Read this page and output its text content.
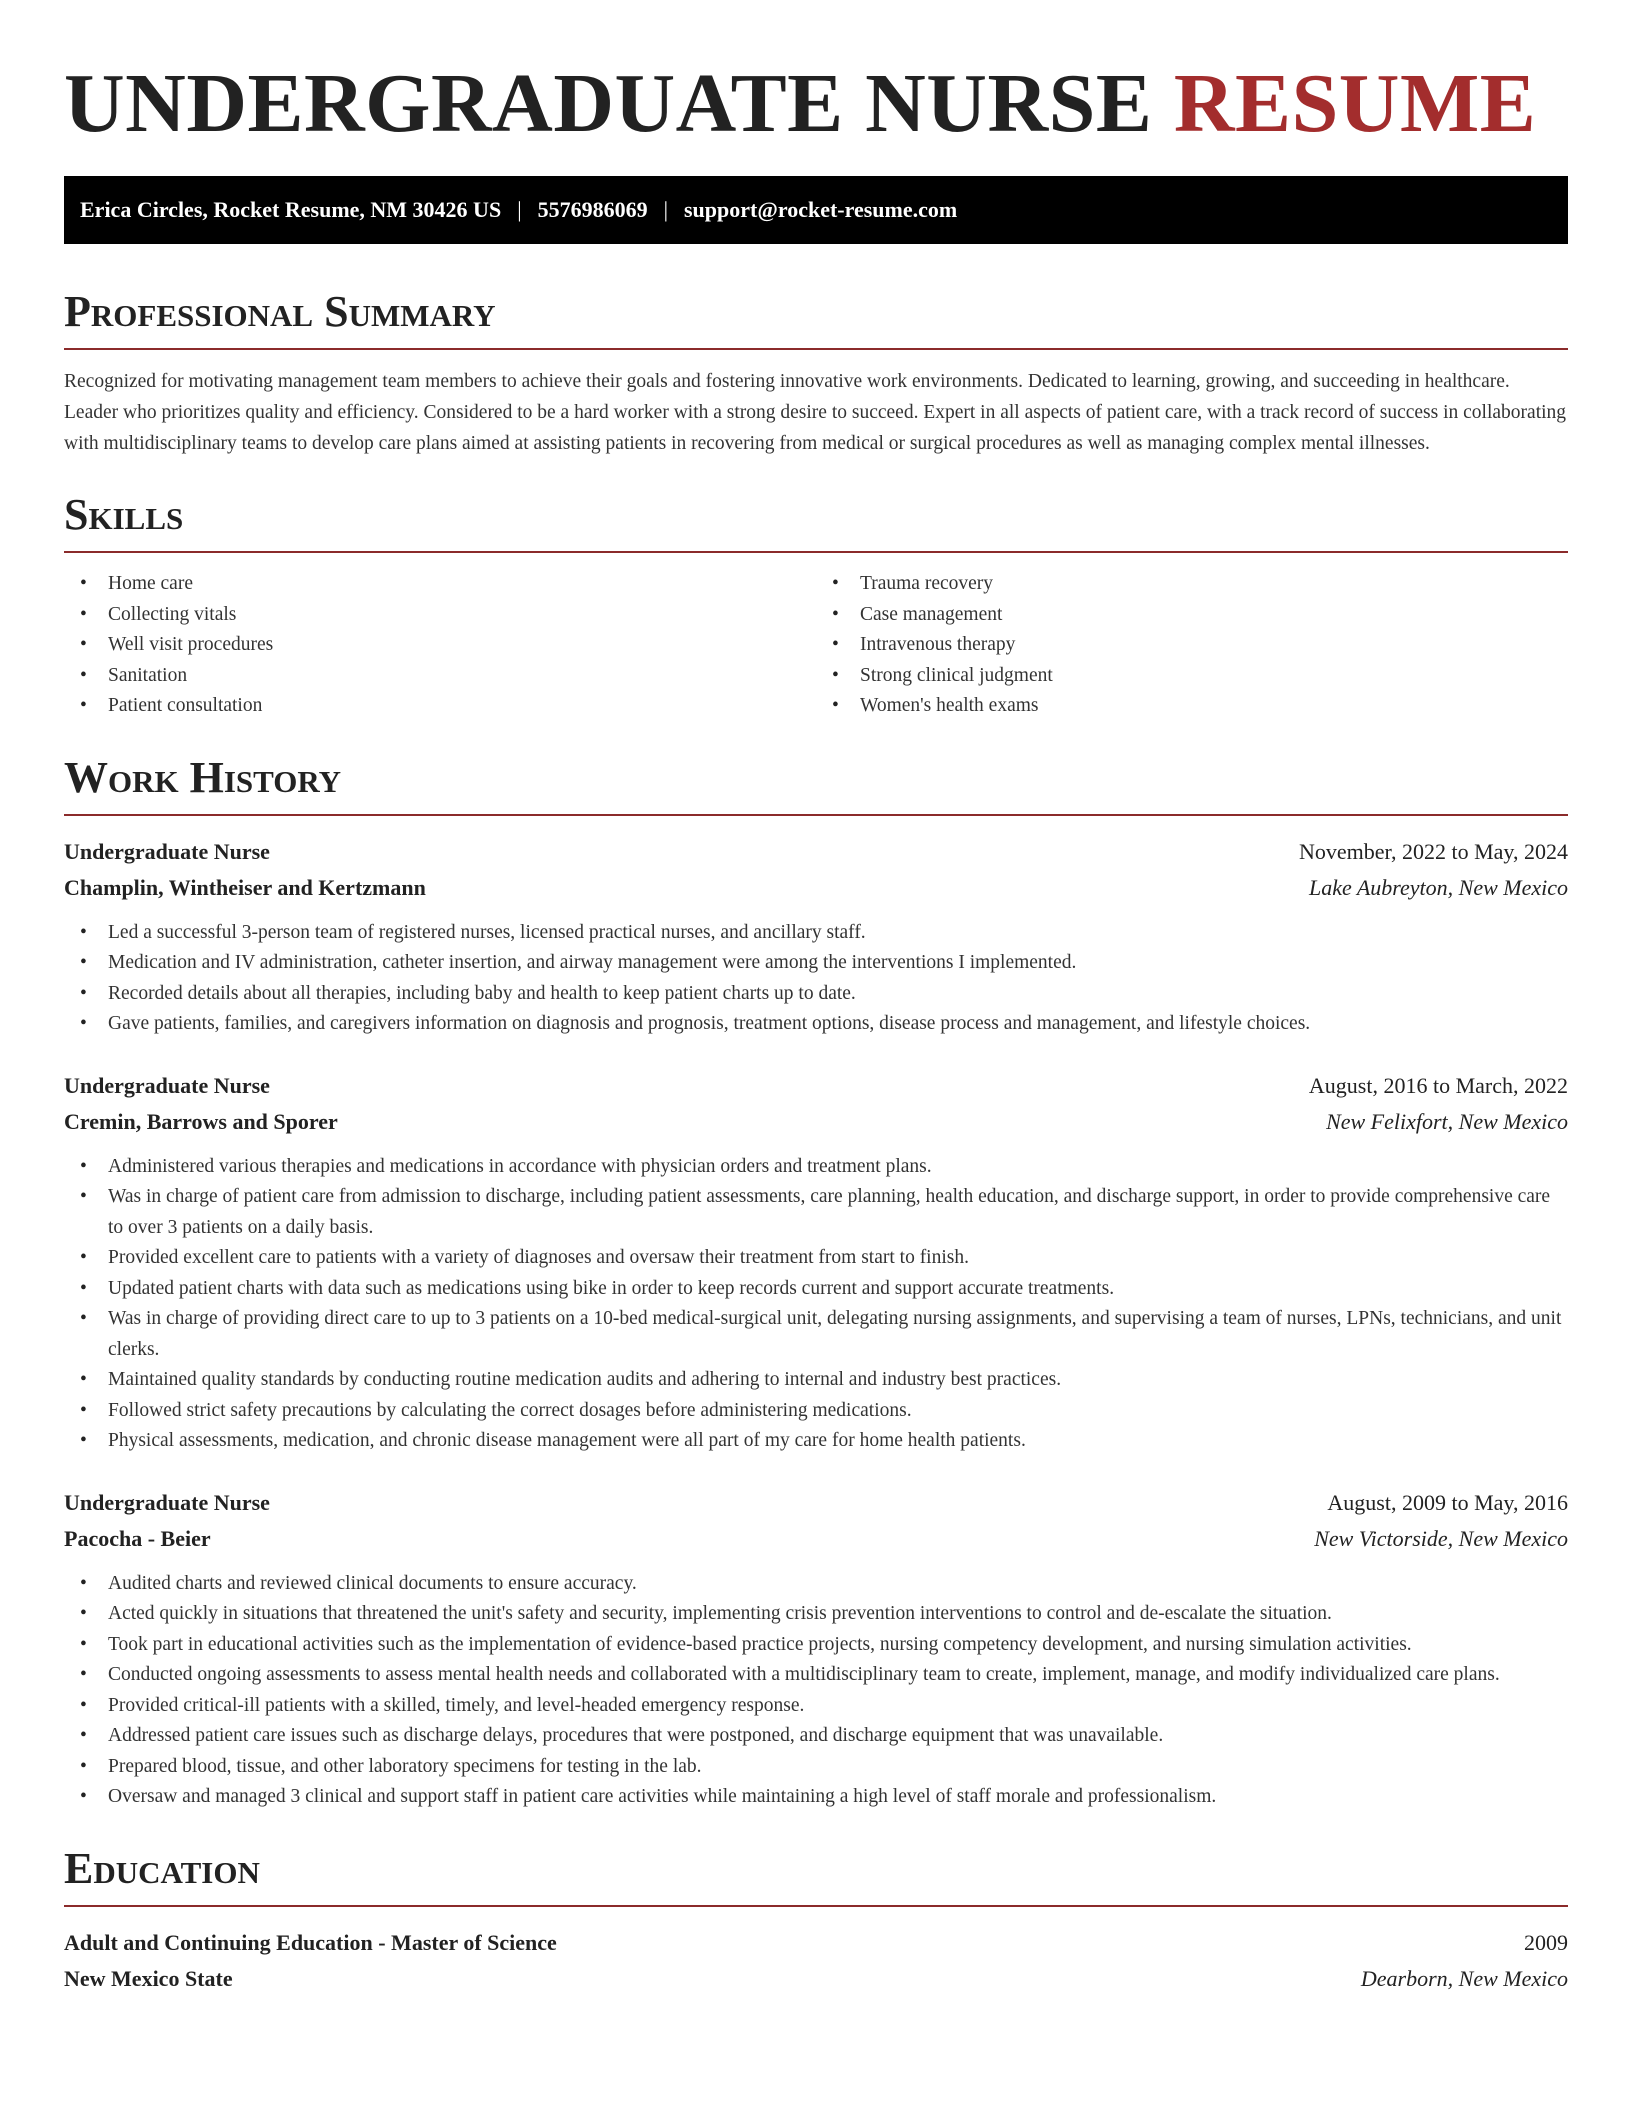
UNDERGRADUATE NURSE RESUME
Erica Circles, Rocket Resume, NM 30426 US | 5576986069 | support@rocket-resume.com
Professional Summary

Recognized for motivating management team members to achieve their goals and fostering innovative work environments. Dedicated to learning, growing, and succeeding in healthcare. Leader who prioritizes quality and efficiency. Considered to be a hard worker with a strong desire to succeed. Expert in all aspects of patient care, with a track record of success in collaborating with multidisciplinary teams to develop care plans aimed at assisting patients in recovering from medical or surgical procedures as well as managing complex mental illnesses.

Skills
• Home care
• Collecting vitals
• Well visit procedures
• Sanitation
• Patient consultation
• Trauma recovery
• Case management
• Intravenous therapy
• Strong clinical judgment
• Women's health exams
Work History
Undergraduate Nurse	November, 2022 to May, 2024
Champlin, Wintheiser and Kertzmann	Lake Aubreyton, New Mexico
• Led a successful 3-person team of registered nurses, licensed practical nurses, and ancillary staff.
• Medication and IV administration, catheter insertion, and airway management were among the interventions I implemented.
• Recorded details about all therapies, including baby and health to keep patient charts up to date.
• Gave patients, families, and caregivers information on diagnosis and prognosis, treatment options, disease process and management, and lifestyle choices.
Undergraduate Nurse	August, 2016 to March, 2022
Cremin, Barrows and Sporer	New Felixfort, New Mexico
• Administered various therapies and medications in accordance with physician orders and treatment plans.
• Was in charge of patient care from admission to discharge, including patient assessments, care planning, health education, and discharge support, in order to provide comprehensive care to over 3 patients on a daily basis.
• Provided excellent care to patients with a variety of diagnoses and oversaw their treatment from start to finish.
• Updated patient charts with data such as medications using bike in order to keep records current and support accurate treatments.
• Was in charge of providing direct care to up to 3 patients on a 10-bed medical-surgical unit, delegating nursing assignments, and supervising a team of nurses, LPNs, technicians, and unit clerks.
• Maintained quality standards by conducting routine medication audits and adhering to internal and industry best practices.
• Followed strict safety precautions by calculating the correct dosages before administering medications.
• Physical assessments, medication, and chronic disease management were all part of my care for home health patients.
Undergraduate Nurse	August, 2009 to May, 2016
Pacocha - Beier	New Victorside, New Mexico
• Audited charts and reviewed clinical documents to ensure accuracy.
• Acted quickly in situations that threatened the unit's safety and security, implementing crisis prevention interventions to control and de-escalate the situation.
• Took part in educational activities such as the implementation of evidence-based practice projects, nursing competency development, and nursing simulation activities.
• Conducted ongoing assessments to assess mental health needs and collaborated with a multidisciplinary team to create, implement, manage, and modify individualized care plans.
• Provided critical-ill patients with a skilled, timely, and level-headed emergency response.
• Addressed patient care issues such as discharge delays, procedures that were postponed, and discharge equipment that was unavailable.
• Prepared blood, tissue, and other laboratory specimens for testing in the lab.
• Oversaw and managed 3 clinical and support staff in patient care activities while maintaining a high level of staff morale and professionalism.
Education
Adult and Continuing Education - Master of Science	2009
New Mexico State	Dearborn, New Mexico
